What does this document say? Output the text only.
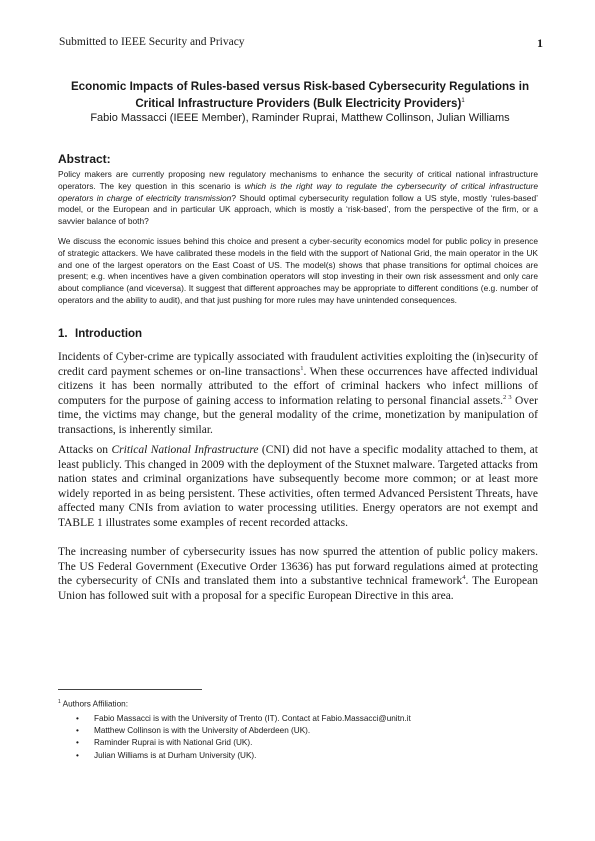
Submitted to IEEE Security and Privacy	1
Economic Impacts of Rules-based versus Risk-based Cybersecurity Regulations in
Critical Infrastructure Providers (Bulk Electricity Providers)$^1$
Fabio Massacci (IEEE Member), Raminder Ruprai, Matthew Collinson, Julian Williams
Abstract:

Policy makers are currently proposing new regulatory mechanisms to enhance the security of critical national infrastructure operators. The key question in this scenario is which is the right way to regulate the cybersecurity of critical infrastructure operators in charge of electricity transmission? Should optimal cybersecurity regulation follow a US style, mostly ‘rules-based’ model, or the European and in particular UK approach, which is mostly a ‘risk-based’, from the perspective of the firm, or a savvier balance of both?

We discuss the economic issues behind this choice and present a cyber-security economics model for public policy in presence of strategic attackers. We have calibrated these models in the field with the support of National Grid, the main operator in the UK and one of the largest operators on the East Coast of US. The model(s) shows that phase transitions for optimal choices are present; e.g. when incentives have a given combination operators will stop investing in their own risk assessment and only care about compliance (and viceversa). It suggest that different approaches may be appropriate to different conditions (e.g. number of operators and the ability to audit), and that just pushing for more rules may have unintended consequences.

1. Introduction

Incidents of Cyber-crime are typically associated with fraudulent activities exploiting the (in)security of credit card payment schemes or on-line transactions$^1$. When these occurrences have affected individual citizens it has been normally attributed to the effort of criminal hackers who infect millions of computers for the purpose of gaining access to information relating to personal financial assets.$^{2 3}$ Over time, the victims may change, but the general modality of the crime, monetization by manipulation of transactions, is inherently similar.

Attacks on Critical National Infrastructure (CNI) did not have a specific modality attached to them, at least publicly. This changed in 2009 with the deployment of the Stuxnet malware. Targeted attacks from nation states and criminal organizations have subsequently become more common; or at least more widely reported in as being persistent. These activities, often termed Advanced Persistent Threats, have affected many CNIs from aviation to water processing utilities. Energy operators are not exempt and TABLE 1 illustrates some examples of recent recorded attacks.

The increasing number of cybersecurity issues has now spurred the attention of public policy makers. The US Federal Government (Executive Order 13636) has put forward regulations aimed at protecting the cybersecurity of CNIs and translated them into a substantive technical framework$^4$. The European Union has followed suit with a proposal for a specific European Directive in this area.

$^1$ Authors Affiliation:
• Fabio Massacci is with the University of Trento (IT). Contact at Fabio.Massacci@unitn.it
• Matthew Collinson is with the University of Abderdeen (UK).
• Raminder Ruprai is with National Grid (UK).
• Julian Williams is at Durham University (UK).
